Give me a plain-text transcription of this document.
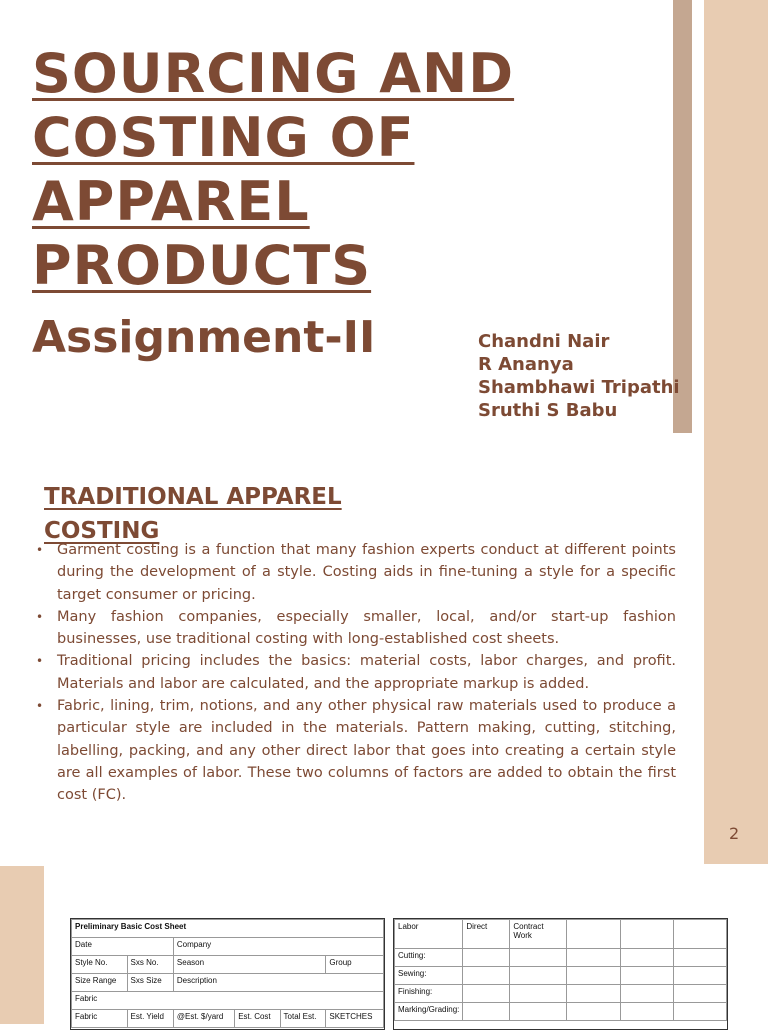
SOURCING AND
COSTING OF
APPAREL
PRODUCTS
Assignment-II	Chandni Nair
R Ananya
Shambhawi Tripathi
Sruthi S Babu
TRADITIONAL APPAREL COSTING
• Garment costing is a function that many fashion experts conduct at different points during the development of a style. Costing aids in fine-tuning a style for a specific target consumer or pricing.
• Many fashion companies, especially smaller, local, and/or start-up fashion businesses, use traditional costing with long-established cost sheets.
• Traditional pricing includes the basics: material costs, labor charges, and profit. Materials and labor are calculated, and the appropriate markup is added.
• Fabric, lining, trim, notions, and any other physical raw materials used to produce a particular style are included in the materials. Pattern making, cutting, stitching, labelling, packing, and any other direct labor that goes into creating a certain style are all examples of labor. These two columns of factors are added to obtain the first cost (FC).
2
Preliminary Basic Cost Sheet					
Date		Company			
Style No.	Sxs No.	Season			Group
Size Range	Sxs Size	Description			
Fabric					
Fabric	Est. Yield	@Est. $/yard	Est. Cost	Total Est.	SKETCHES
Labor	Direct	Contract Work			
Cutting:					
Sewing:					
Finishing:					
Marking/Grading:					
